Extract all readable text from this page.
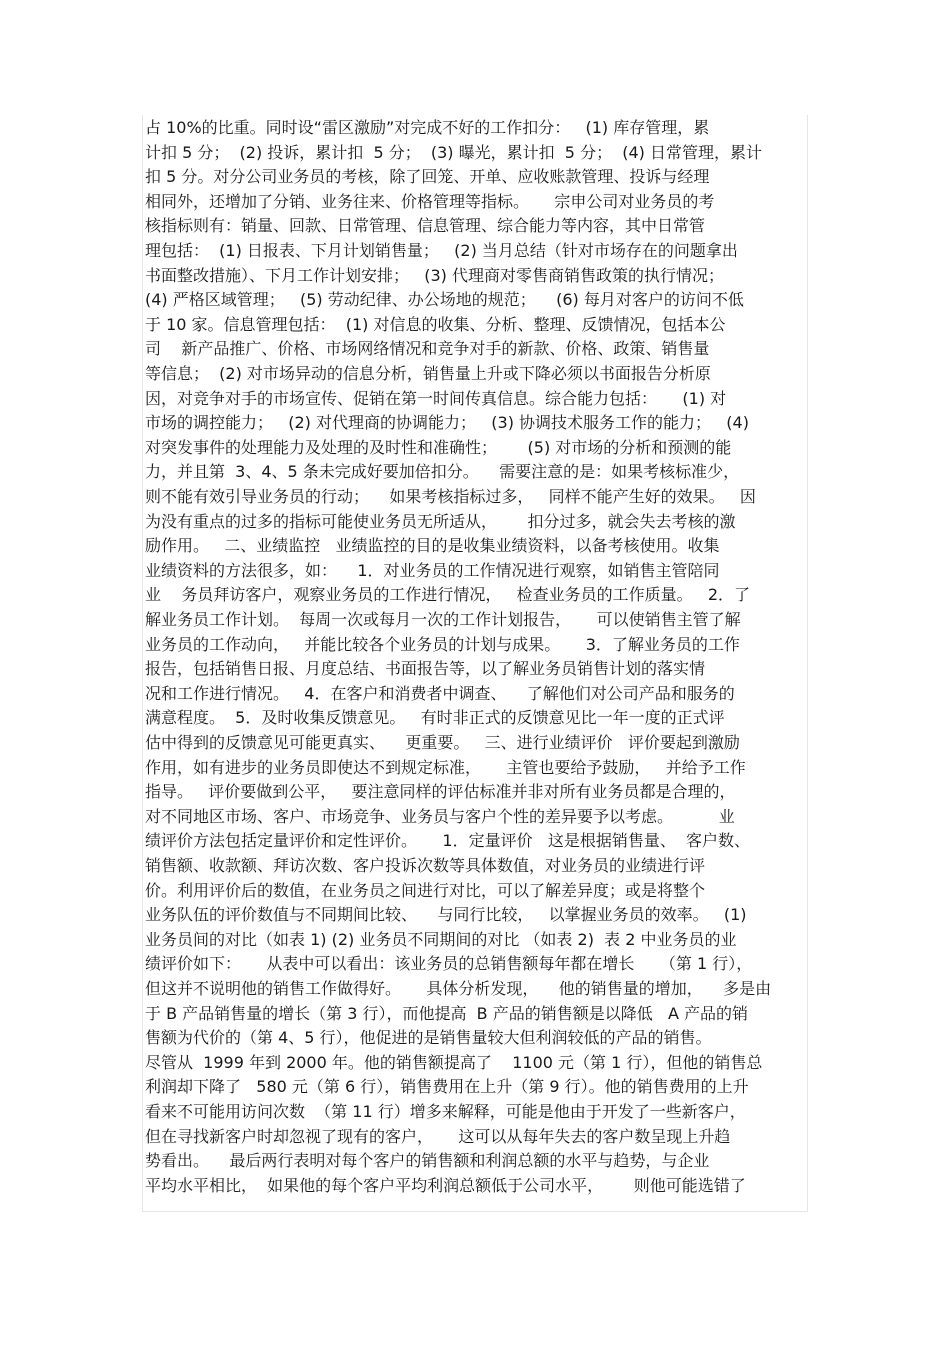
占 10%的比重。同时设“雷区激励”对完成不好的工作扣分：   (1) 库存管理，累
计扣 5 分；  (2) 投诉，累计扣  5 分；  (3) 曝光，累计扣  5 分；  (4) 日常管理，累计
扣 5 分。对分公司业务员的考核，除了回笼、开单、应收账款管理、投诉与经理
相同外，还增加了分销、业务往来、价格管理等指标。     宗申公司对业务员的考
核指标则有：销量、回款、日常管理、信息管理、综合能力等内容，其中日常管
理包括：  (1) 日报表、下月计划销售量；   (2) 当月总结（针对市场存在的问题拿出
书面整改措施）、下月工作计划安排；   (3) 代理商对零售商销售政策的执行情况；
(4) 严格区域管理；   (5) 劳动纪律、办公场地的规范；    (6) 每月对客户的访问不低
于 10 家。信息管理包括：  (1) 对信息的收集、分析、整理、反馈情况，包括本公
司    新产品推广、价格、市场网络情况和竞争对手的新款、价格、政策、销售量
等信息；  (2) 对市场异动的信息分析，销售量上升或下降必须以书面报告分析原
因，对竞争对手的市场宣传、促销在第一时间传真信息。综合能力包括：     (1) 对
市场的调控能力；   (2) 对代理商的协调能力；   (3) 协调技术服务工作的能力；   (4)
对突发事件的处理能力及处理的及时性和准确性；      (5) 对市场的分析和预测的能
力，并且第  3、4、5 条未完成好要加倍扣分。    需要注意的是：如果考核标准少，
则不能有效引导业务员的行动；    如果考核指标过多，   同样不能产生好的效果。   因
为没有重点的过多的指标可能使业务员无所适从，      扣分过多，就会失去考核的激
励作用。   二、业绩监控   业绩监控的目的是收集业绩资料，以备考核使用。收集
业绩资料的方法很多，如：    1．对业务员的工作情况进行观察，如销售主管陪同
业    务员拜访客户，观察业务员的工作进行情况，   检查业务员的工作质量。   2．了
解业务员工作计划。  每周一次或每月一次的工作计划报告，     可以使销售主管了解
业务员的工作动向，   并能比较各个业务员的计划与成果。     3．了解业务员的工作
报告，包括销售日报、月度总结、书面报告等，以了解业务员销售计划的落实情
况和工作进行情况。   4．在客户和消费者中调查、    了解他们对公司产品和服务的
满意程度。  5．及时收集反馈意见。   有时非正式的反馈意见比一年一度的正式评
估中得到的反馈意见可能更真实、    更重要。   三、进行业绩评价   评价要起到激励
作用，如有进步的业务员即使达不到规定标准，     主管也要给予鼓励，   并给予工作
指导。   评价要做到公平，   要注意同样的评估标准并非对所有业务员都是合理的，
对不同地区市场、客户、市场竞争、业务员与客户个性的差异要予以考虑。         业
绩评价方法包括定量评价和定性评价。     1．定量评价   这是根据销售量、  客户数、
销售额、收款额、拜访次数、客户投诉次数等具体数值，对业务员的业绩进行评
价。利用评价后的数值，在业务员之间进行对比，可以了解差异度；或是将整个
业务队伍的评价数值与不同期间比较、    与同行比较，   以掌握业务员的效率。   (1)
业务员间的对比（如表 1) (2) 业务员不同期间的对比 （如表 2)  表 2 中业务员的业
绩评价如下：     从表中可以看出：该业务员的总销售额每年都在增长     （第 1 行），
但这并不说明他的销售工作做得好。     具体分析发现，    他的销售量的增加，    多是由
于 B 产品销售量的增长（第 3 行），而他提高  B 产品的销售额是以降低   A 产品的销
售额为代价的（第 4、5 行），他促进的是销售量较大但利润较低的产品的销售。
尽管从  1999 年到 2000 年。他的销售额提高了    1100 元（第 1 行），但他的销售总
利润却下降了   580 元（第 6 行），销售费用在上升（第 9 行）。他的销售费用的上升
看来不可能用访问次数  （第 11 行）增多来解释，可能是他由于开发了一些新客户，
但在寻找新客户时却忽视了现有的客户，     这可以从每年失去的客户数呈现上升趋
势看出。    最后两行表明对每个客户的销售额和利润总额的水平与趋势，与企业
平均水平相比，  如果他的每个客户平均利润总额低于公司水平，      则他可能选错了
